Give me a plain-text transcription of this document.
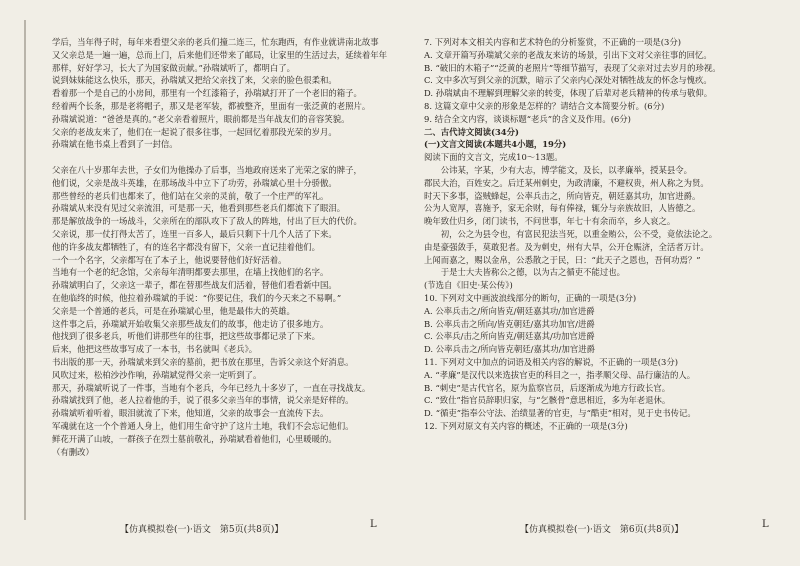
学后，当年得子时，每年来看望父亲的老兵们撞二连三，忙东跑西，有作业就讲南北故事
又父亲总是一遍一遍，总而上门，后来他们还带来了邮局，让家里的生活过去，延续着年年
那样，好好学习，长大了为国家做贡献。”孙瑞斌听了，都明白了。
说到妹妹能这么快乐，那天，孙瑞斌又把给父亲找了来，父亲的脸色很柔和。
看着那一个是自己的小房间，那里有一个红漆箱子，孙瑞斌打开了一个老旧的箱子。
经着两个长条，那是老将帽子，那又是老军装，都被整齐，里面有一张泛黄的老照片。
孙瑞斌说道：“爸爸是真的。”老父亲看着照片，眼前都是当年战友们的音容笑貌。
父亲的老战友来了，他们在一起说了很多往事，一起回忆着那段光荣的岁月。
孙瑞斌在他书桌上看到了一封信。

父亲在八十岁那年去世，子女们为他操办了后事，当地政府送来了光荣之家的牌子，
他们说，父亲是战斗英雄，在那场战斗中立下了功劳，孙瑞斌心里十分骄傲。
那些曾经的老兵们也都来了，他们站在父亲的灵前，敬了一个庄严的军礼。
孙瑞斌从来没有见过父亲流泪，可是那一天，他看到那些老兵们都流下了眼泪。
那是解放战争的一场战斗，父亲所在的部队攻下了敌人的阵地，付出了巨大的代价。
父亲说，那一仗打得太苦了，连里一百多人，最后只剩下十几个人活了下来。
他的许多战友都牺牲了，有的连名字都没有留下，父亲一直记挂着他们。
一个一个名字，父亲都写在了本子上，他说要替他们好好活着。
当地有一个老的纪念馆，父亲每年清明都要去那里，在墙上找他们的名字。
孙瑞斌明白了，父亲这一辈子，都在替那些战友们活着，替他们看看新中国。
在他临终的时候，他拉着孙瑞斌的手说：“你要记住，我们的今天来之不易啊。”
父亲是一个普通的老兵，可是在孙瑞斌心里，他是最伟大的英雄。
这件事之后，孙瑞斌开始收集父亲那些战友们的故事，他走访了很多地方。
他找到了很多老兵，听他们讲那些年的往事，把这些故事都记录了下来。
后来，他把这些故事写成了一本书，书名就叫《老兵》。
书出版的那一天，孙瑞斌来到父亲的墓前，把书放在那里，告诉父亲这个好消息。
风吹过来，松柏沙沙作响，孙瑞斌觉得父亲一定听到了。
那天，孙瑞斌听说了一件事，当地有个老兵，今年已经九十多岁了，一直在寻找战友。
孙瑞斌找到了他，老人拉着他的手，说了很多父亲当年的事情，说父亲是好样的。
孙瑞斌听着听着，眼泪就流了下来，他知道，父亲的故事会一直流传下去。
军魂就在这一个个普通人身上，他们用生命守护了这片土地，我们不会忘记他们。
鲜花开满了山坡，一群孩子在烈士墓前敬礼，孙瑞斌看着他们，心里暖暖的。
（有删改）
7. 下列对本文相关内容和艺术特色的分析鉴赏，不正确的一项是(3分)
A. 文章开篇写孙瑞斌父亲的老战友来访的场景，引出下文对父亲往事的回忆。
B. “破旧的木箱子”“泛黄的老照片”等细节描写，表现了父亲对过去岁月的珍视。
C. 文中多次写到父亲的沉默，暗示了父亲内心深处对牺牲战友的怀念与愧疚。
D. 孙瑞斌由不理解到理解父亲的转变，体现了后辈对老兵精神的传承与敬仰。
8. 这篇文章中父亲的形象是怎样的？请结合文本简要分析。(6分)
9. 结合全文内容，谈谈标题“老兵”的含义及作用。(6分)
二、古代诗文阅读(34分)
(一)文言文阅读(本题共4小题，19分)
阅读下面的文言文，完成10～13题。
　　公讳某，字某，少有大志，博学能文，及长，以孝廉举，授某县令。
郡民大治，百姓安之。后迁某州刺史，为政清廉，不避权贵，州人称之为贤。
时天下多事，盗贼蜂起，公率兵击之，所向皆克，朝廷嘉其功，加官进爵。
公为人宽厚，喜施予，家无余财，每有俸禄，辄分与亲族故旧，人皆德之。
晚年致仕归乡，闭门读书，不问世事，年七十有余而卒，乡人哀之。
　　初，公之为县令也，有富民犯法当死，以重金贿公，公不受，竟依法论之。
由是豪强敛手，莫敢犯者。及为刺史，州有大旱，公开仓赈济，全活者万计。
上闻而嘉之，赐以金帛，公悉散之于民，曰：“此天子之恩也，吾何功焉？”
　　于是士大夫皆称公之德，以为古之循吏不能过也。
(节选自《旧史·某公传》)
10. 下列对文中画波浪线部分的断句，正确的一项是(3分)
A. 公率兵击之/所向皆克/朝廷嘉其功/加官进爵
B. 公率兵击之所向/皆克朝廷/嘉其功加官/进爵
C. 公率兵/击之所向皆克/朝廷嘉其/功加官进爵
D. 公率兵击之/所向皆克朝廷/嘉其功/加官进爵
11. 下列对文中加点的词语及相关内容的解说，不正确的一项是(3分)
A. “孝廉”是汉代以来选拔官吏的科目之一，指孝顺父母、品行廉洁的人。
B. “刺史”是古代官名，原为监察官员，后逐渐成为地方行政长官。
C. “致仕”指官员辞职归家，与“乞骸骨”意思相近，多为年老退休。
D. “循吏”指奉公守法、治绩显著的官吏，与“酷吏”相对，见于史书传记。
12. 下列对原文有关内容的概述，不正确的一项是(3分)
【仿真模拟卷(一)·语文　第5页(共8页)】	L	【仿真模拟卷(一)·语文　第6页(共8页)】	L
